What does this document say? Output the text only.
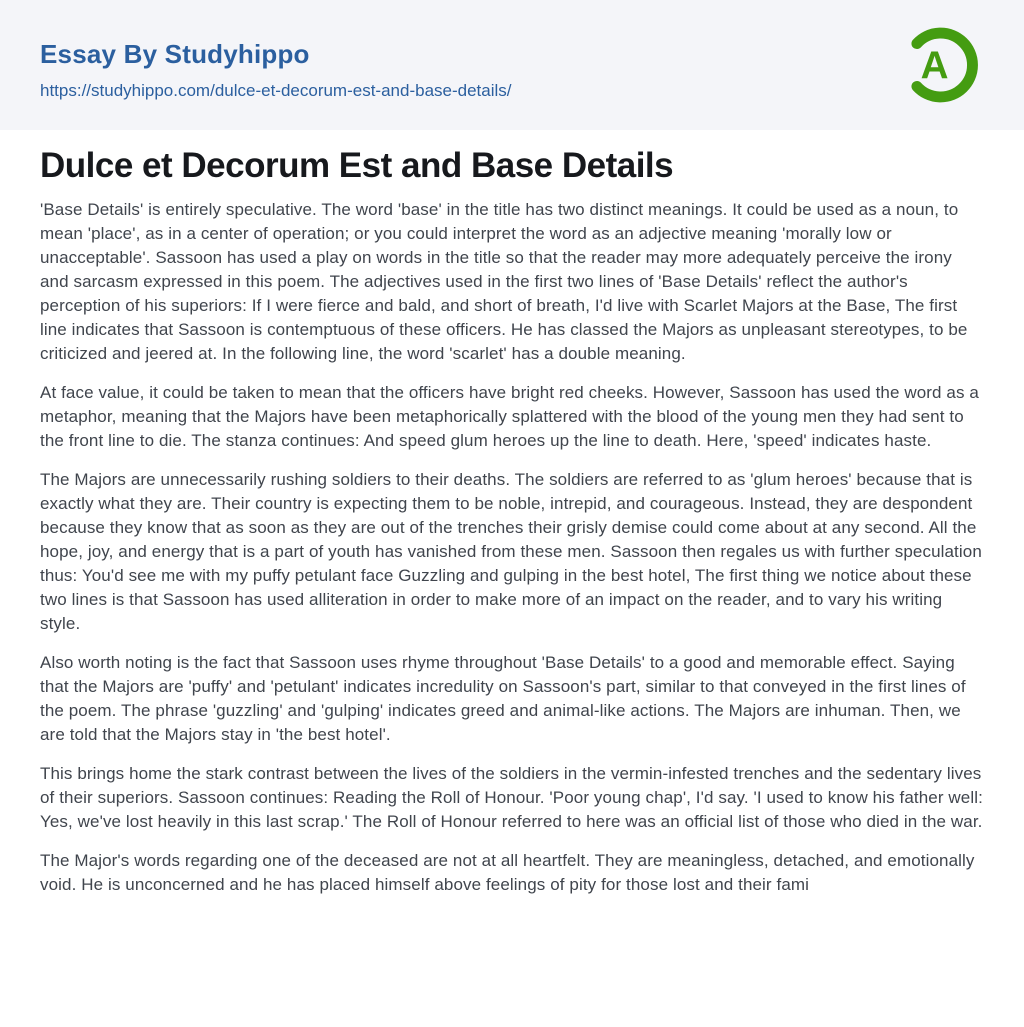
Essay By Studyhippo
https://studyhippo.com/dulce-et-decorum-est-and-base-details/
A
Dulce et Decorum Est and Base Details

'Base Details' is entirely speculative. The word 'base' in the title has two distinct meanings. It could be used as a noun, to mean 'place', as in a center of operation; or you could interpret the word as an adjective meaning 'morally low or unacceptable'. Sassoon has used a play on words in the title so that the reader may more adequately perceive the irony and sarcasm expressed in this poem. The adjectives used in the first two lines of 'Base Details' reflect the author's perception of his superiors: If I were fierce and bald, and short of breath, I'd live with Scarlet Majors at the Base, The first line indicates that Sassoon is contemptuous of these officers. He has classed the Majors as unpleasant stereotypes, to be criticized and jeered at. In the following line, the word 'scarlet' has a double meaning.

At face value, it could be taken to mean that the officers have bright red cheeks. However, Sassoon has used the word as a metaphor, meaning that the Majors have been metaphorically splattered with the blood of the young men they had sent to the front line to die. The stanza continues: And speed glum heroes up the line to death. Here, 'speed' indicates haste.

The Majors are unnecessarily rushing soldiers to their deaths. The soldiers are referred to as 'glum heroes' because that is exactly what they are. Their country is expecting them to be noble, intrepid, and courageous. Instead, they are despondent because they know that as soon as they are out of the trenches their grisly demise could come about at any second. All the hope, joy, and energy that is a part of youth has vanished from these men. Sassoon then regales us with further speculation thus: You'd see me with my puffy petulant face Guzzling and gulping in the best hotel, The first thing we notice about these two lines is that Sassoon has used alliteration in order to make more of an impact on the reader, and to vary his writing style.

Also worth noting is the fact that Sassoon uses rhyme throughout 'Base Details' to a good and memorable effect. Saying that the Majors are 'puffy' and 'petulant' indicates incredulity on Sassoon's part, similar to that conveyed in the first lines of the poem. The phrase 'guzzling' and 'gulping' indicates greed and animal-like actions. The Majors are inhuman. Then, we are told that the Majors stay in 'the best hotel'.

This brings home the stark contrast between the lives of the soldiers in the vermin-infested trenches and the sedentary lives of their superiors. Sassoon continues: Reading the Roll of Honour. 'Poor young chap', I'd say. 'I used to know his father well: Yes, we've lost heavily in this last scrap.' The Roll of Honour referred to here was an official list of those who died in the war.

The Major's words regarding one of the deceased are not at all heartfelt. They are meaningless, detached, and emotionally void. He is unconcerned and he has placed himself above feelings of pity for those lost and their fami
